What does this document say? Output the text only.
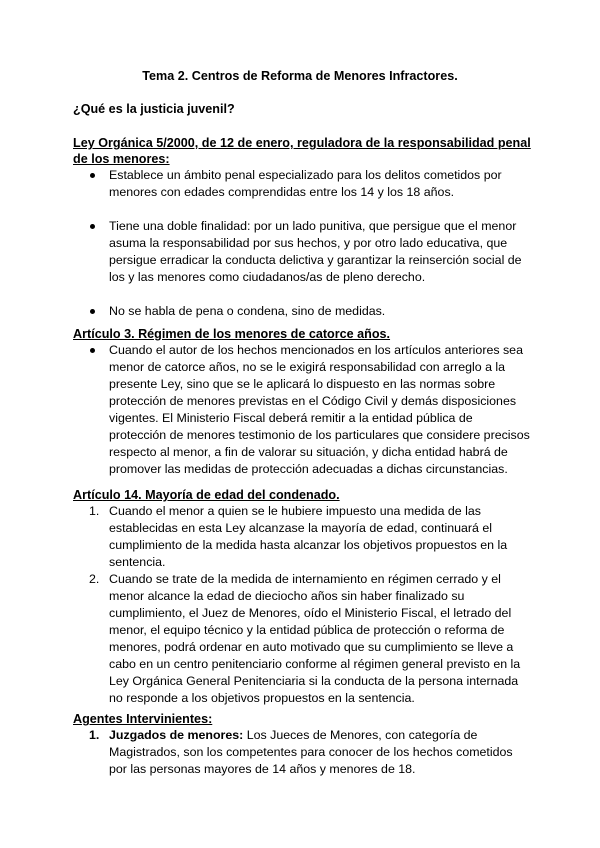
Tema 2. Centros de Reforma de Menores Infractores.
¿Qué es la justicia juvenil?
Ley Orgánica 5/2000, de 12 de enero, reguladora de la responsabilidad penal de los menores:
Establece un ámbito penal especializado para los delitos cometidos por menores con edades comprendidas entre los 14 y los 18 años.
Tiene una doble finalidad: por un lado punitiva, que persigue que el menor asuma la responsabilidad por sus hechos, y por otro lado educativa, que persigue erradicar la conducta delictiva y garantizar la reinserción social de los y las menores como ciudadanos/as de pleno derecho.
No se habla de pena o condena, sino de medidas.
Artículo 3. Régimen de los menores de catorce años.
Cuando el autor de los hechos mencionados en los artículos anteriores sea menor de catorce años, no se le exigirá responsabilidad con arreglo a la presente Ley, sino que se le aplicará lo dispuesto en las normas sobre protección de menores previstas en el Código Civil y demás disposiciones vigentes. El Ministerio Fiscal deberá remitir a la entidad pública de protección de menores testimonio de los particulares que considere precisos respecto al menor, a fin de valorar su situación, y dicha entidad habrá de promover las medidas de protección adecuadas a dichas circunstancias.
Artículo 14. Mayoría de edad del condenado.
1. Cuando el menor a quien se le hubiere impuesto una medida de las establecidas en esta Ley alcanzase la mayoría de edad, continuará el cumplimiento de la medida hasta alcanzar los objetivos propuestos en la sentencia.
2. Cuando se trate de la medida de internamiento en régimen cerrado y el menor alcance la edad de dieciocho años sin haber finalizado su cumplimiento, el Juez de Menores, oído el Ministerio Fiscal, el letrado del menor, el equipo técnico y la entidad pública de protección o reforma de menores, podrá ordenar en auto motivado que su cumplimiento se lleve a cabo en un centro penitenciario conforme al régimen general previsto en la Ley Orgánica General Penitenciaria si la conducta de la persona internada no responde a los objetivos propuestos en la sentencia.
Agentes Intervinientes:
1. Juzgados de menores: Los Jueces de Menores, con categoría de Magistrados, son los competentes para conocer de los hechos cometidos por las personas mayores de 14 años y menores de 18.
